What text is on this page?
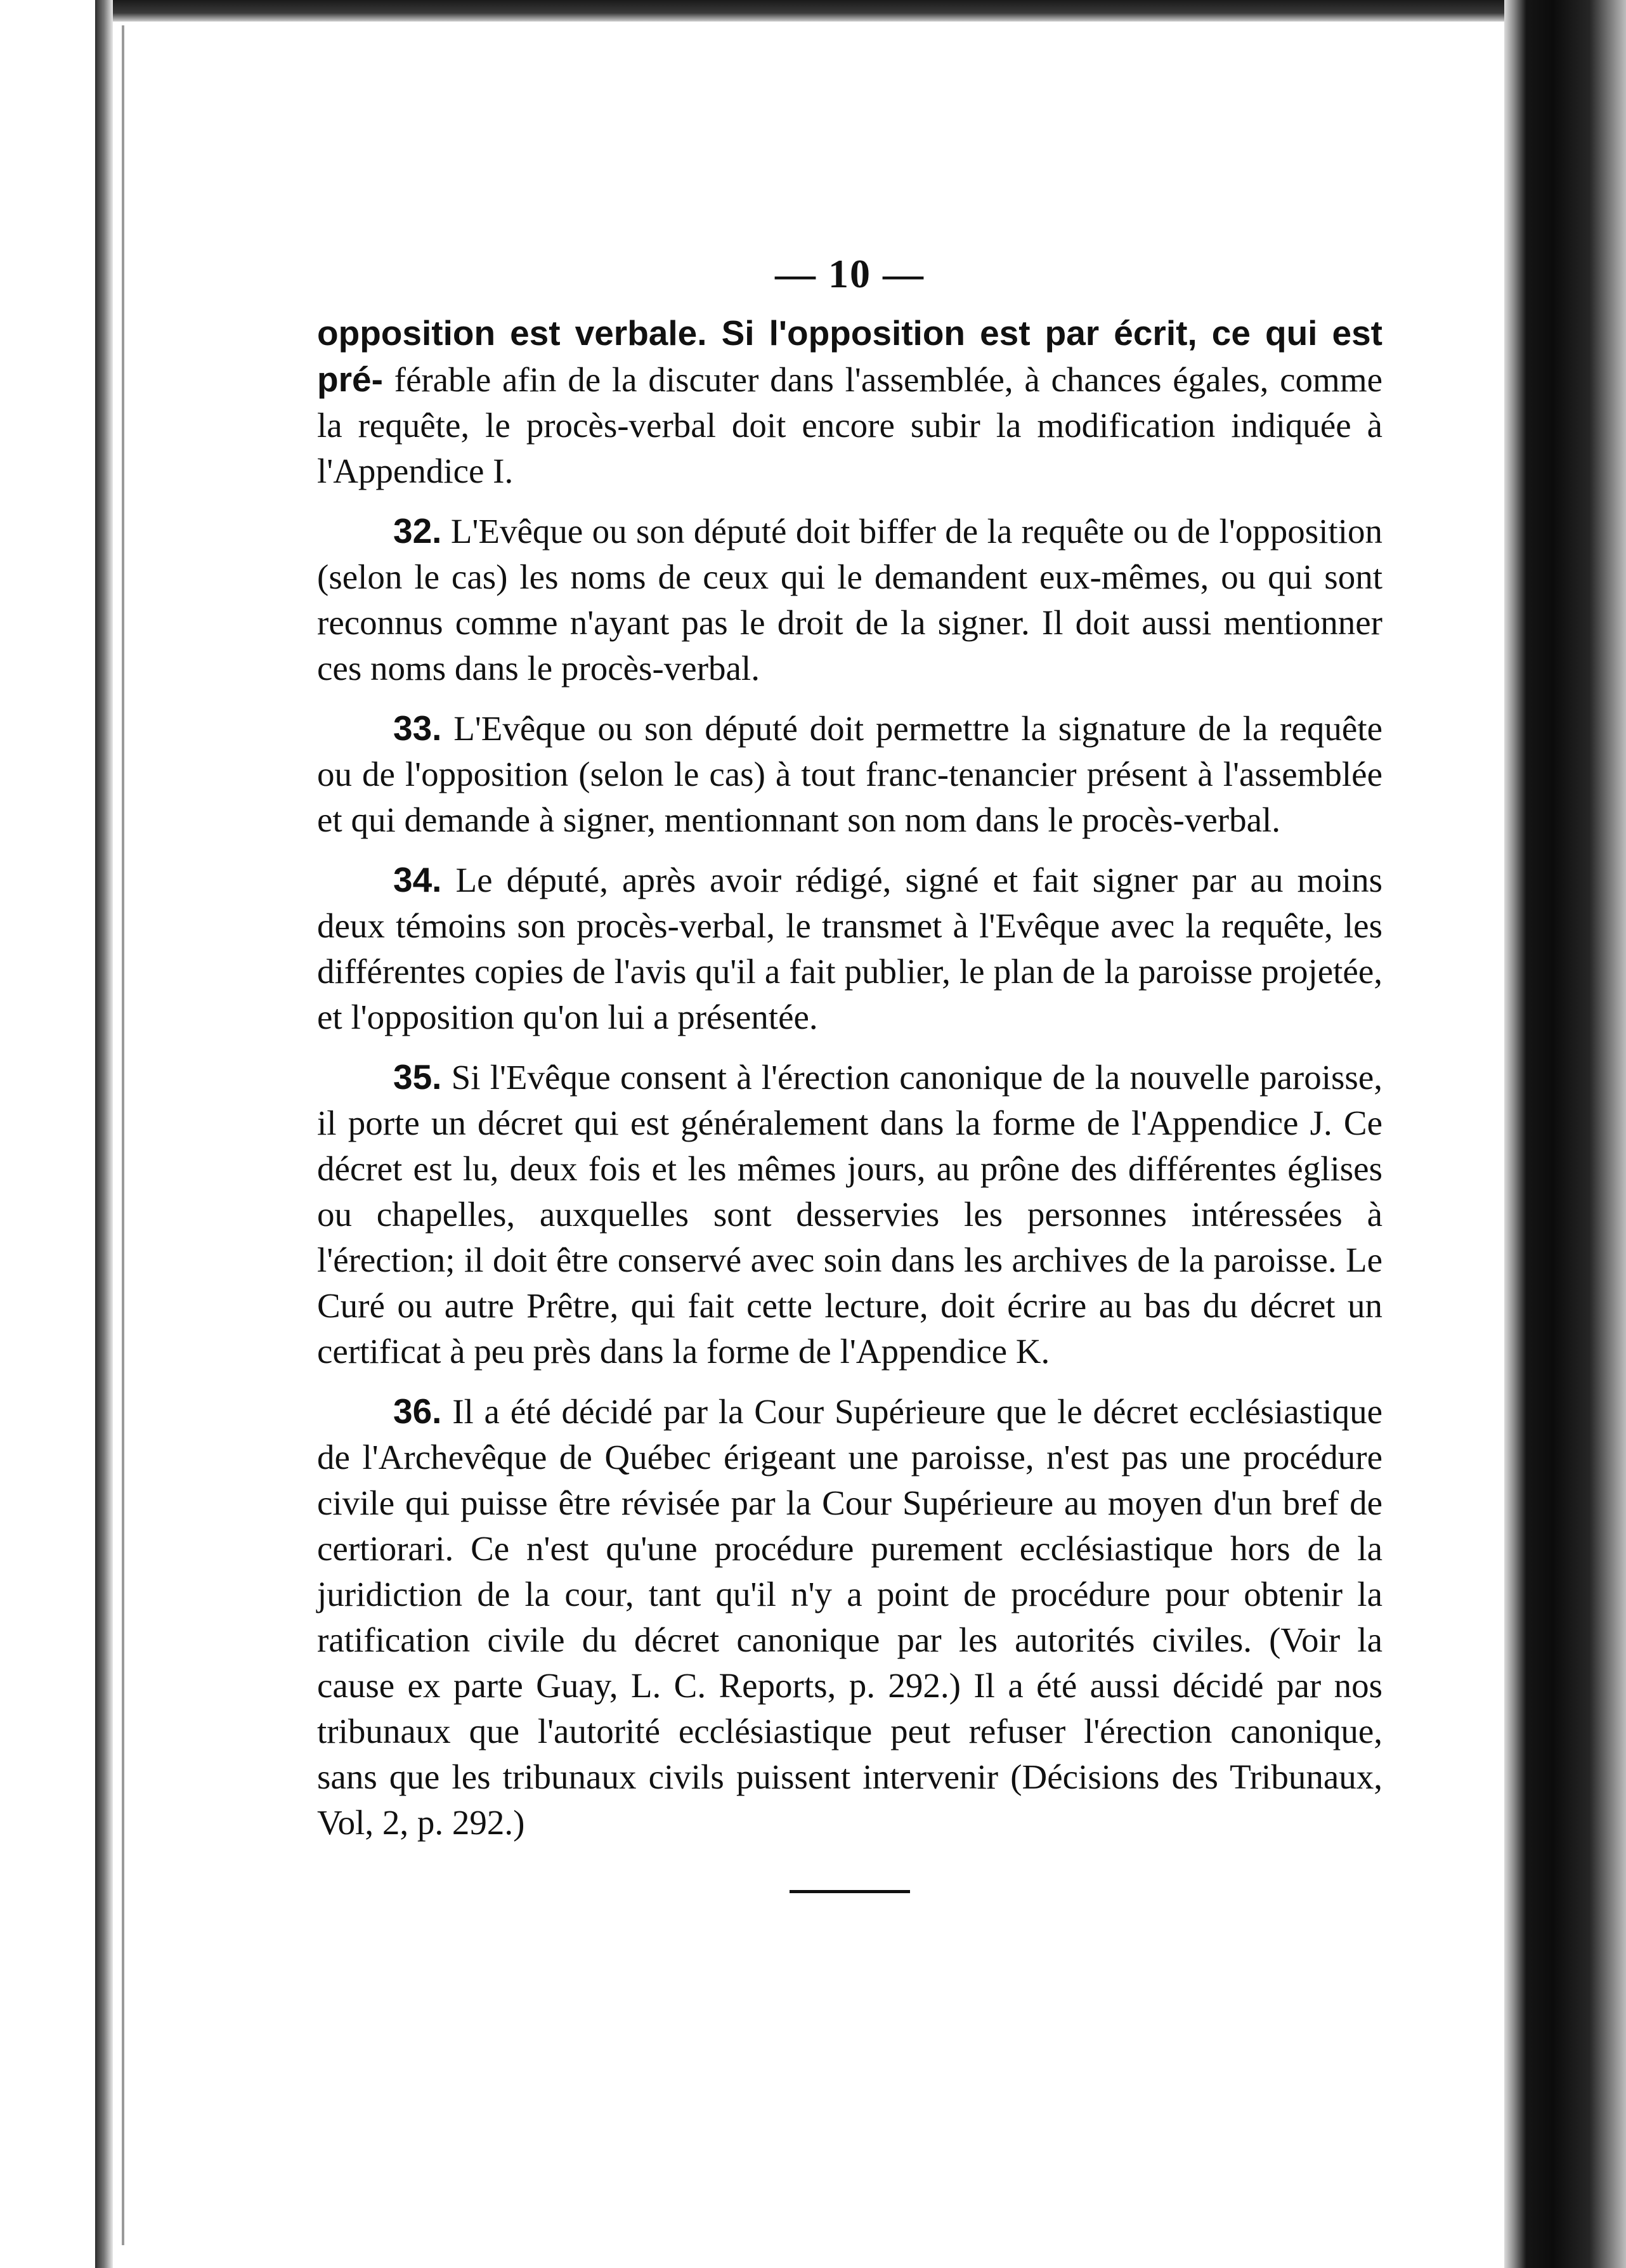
— 10 —

opposition est verbale. Si l'opposition est par écrit, ce qui est pré- férable afin de la discuter dans l'assemblée, à chances égales, comme la requête, le procès-verbal doit encore subir la modification indiquée à l'Appendice I.

32. L'Evêque ou son député doit biffer de la requête ou de l'opposition (selon le cas) les noms de ceux qui le demandent eux-mêmes, ou qui sont reconnus comme n'ayant pas le droit de la signer. Il doit aussi mentionner ces noms dans le procès-verbal.

33. L'Evêque ou son député doit permettre la signature de la requête ou de l'opposition (selon le cas) à tout franc-tenancier présent à l'assemblée et qui demande à signer, mentionnant son nom dans le procès-verbal.

34. Le député, après avoir rédigé, signé et fait signer par au moins deux témoins son procès-verbal, le transmet à l'Evêque avec la requête, les différentes copies de l'avis qu'il a fait publier, le plan de la paroisse projetée, et l'opposition qu'on lui a présentée.

35. Si l'Evêque consent à l'érection canonique de la nouvelle paroisse, il porte un décret qui est généralement dans la forme de l'Appendice J. Ce décret est lu, deux fois et les mêmes jours, au prône des différentes églises ou chapelles, auxquelles sont desservies les personnes intéressées à l'érection; il doit être conservé avec soin dans les archives de la paroisse. Le Curé ou autre Prêtre, qui fait cette lecture, doit écrire au bas du décret un certificat à peu près dans la forme de l'Appendice K.

36. Il a été décidé par la Cour Supérieure que le décret ecclésiastique de l'Archevêque de Québec érigeant une paroisse, n'est pas une procédure civile qui puisse être révisée par la Cour Supérieure au moyen d'un bref de certiorari. Ce n'est qu'une procédure purement ecclésiastique hors de la juridiction de la cour, tant qu'il n'y a point de procédure pour obtenir la ratification civile du décret canonique par les autorités civiles. (Voir la cause ex parte Guay, L. C. Reports, p. 292.) Il a été aussi décidé par nos tribunaux que l'autorité ecclésiastique peut refuser l'érection canonique, sans que les tribunaux civils puissent intervenir (Décisions des Tribunaux, Vol, 2, p. 292.)
